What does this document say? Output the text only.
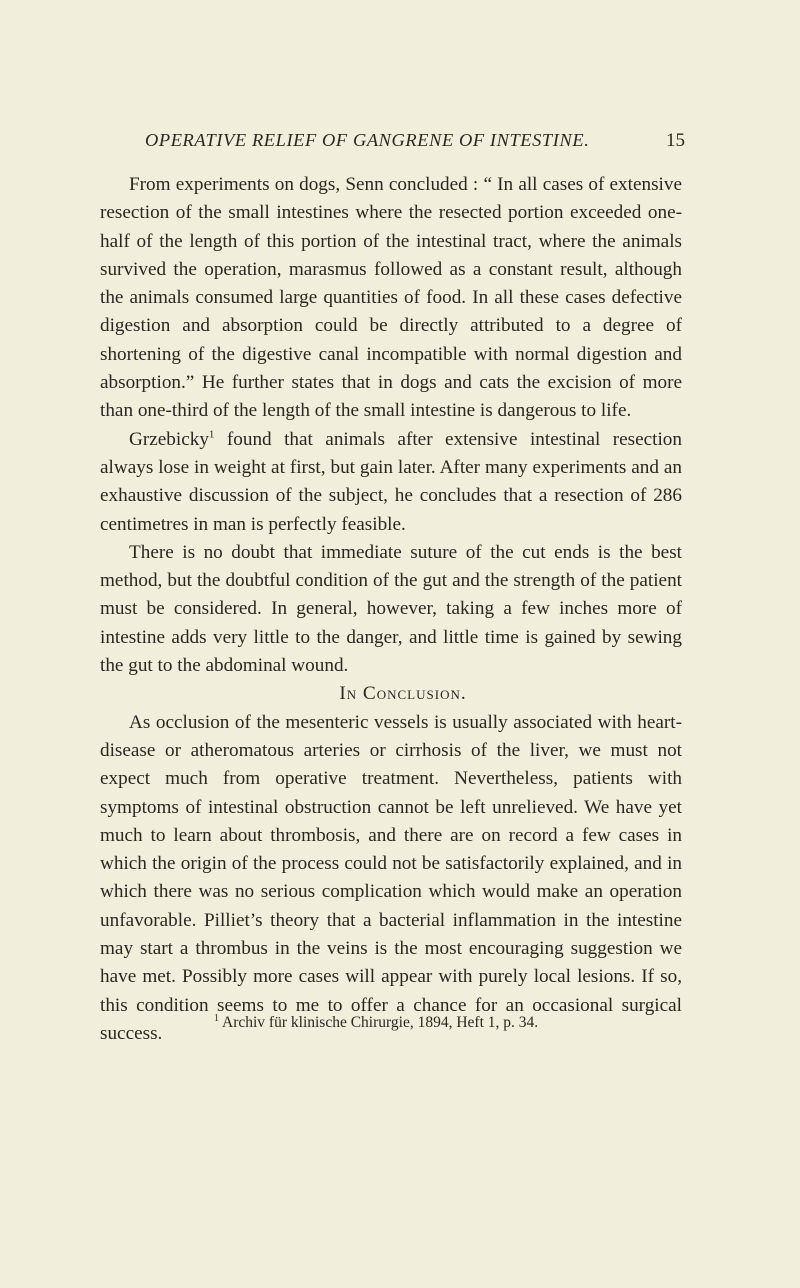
OPERATIVE RELIEF OF GANGRENE OF INTESTINE.	15

From experiments on dogs, Senn concluded : “ In all cases of extensive resection of the small intestines where the resected portion exceeded one-half of the length of this portion of the intestinal tract, where the animals survived the operation, marasmus followed as a constant result, although the animals consumed large quantities of food. In all these cases defective digestion and absorption could be directly attributed to a degree of shortening of the digestive canal incompatible with normal digestion and absorption.” He further states that in dogs and cats the excision of more than one-third of the length of the small intestine is dangerous to life.

Grzebicky$^1$ found that animals after extensive intestinal resection always lose in weight at first, but gain later. After many experiments and an exhaustive discussion of the subject, he concludes that a resection of 286 centimetres in man is perfectly feasible.

There is no doubt that immediate suture of the cut ends is the best method, but the doubtful condition of the gut and the strength of the patient must be considered. In general, however, taking a few inches more of intestine adds very little to the danger, and little time is gained by sewing the gut to the abdominal wound.

In Conclusion.

As occlusion of the mesenteric vessels is usually associated with heart-disease or atheromatous arteries or cirrhosis of the liver, we must not expect much from operative treatment. Nevertheless, patients with symptoms of intestinal obstruction cannot be left unrelieved. We have yet much to learn about thrombosis, and there are on record a few cases in which the origin of the process could not be satisfactorily explained, and in which there was no serious complication which would make an operation unfavorable. Pilliet’s theory that a bacterial inflammation in the intestine may start a thrombus in the veins is the most encouraging suggestion we have met. Possibly more cases will appear with purely local lesions. If so, this condition seems to me to offer a chance for an occasional surgical success.

$^1$ Archiv für klinische Chirurgie, 1894, Heft 1, p. 34.
